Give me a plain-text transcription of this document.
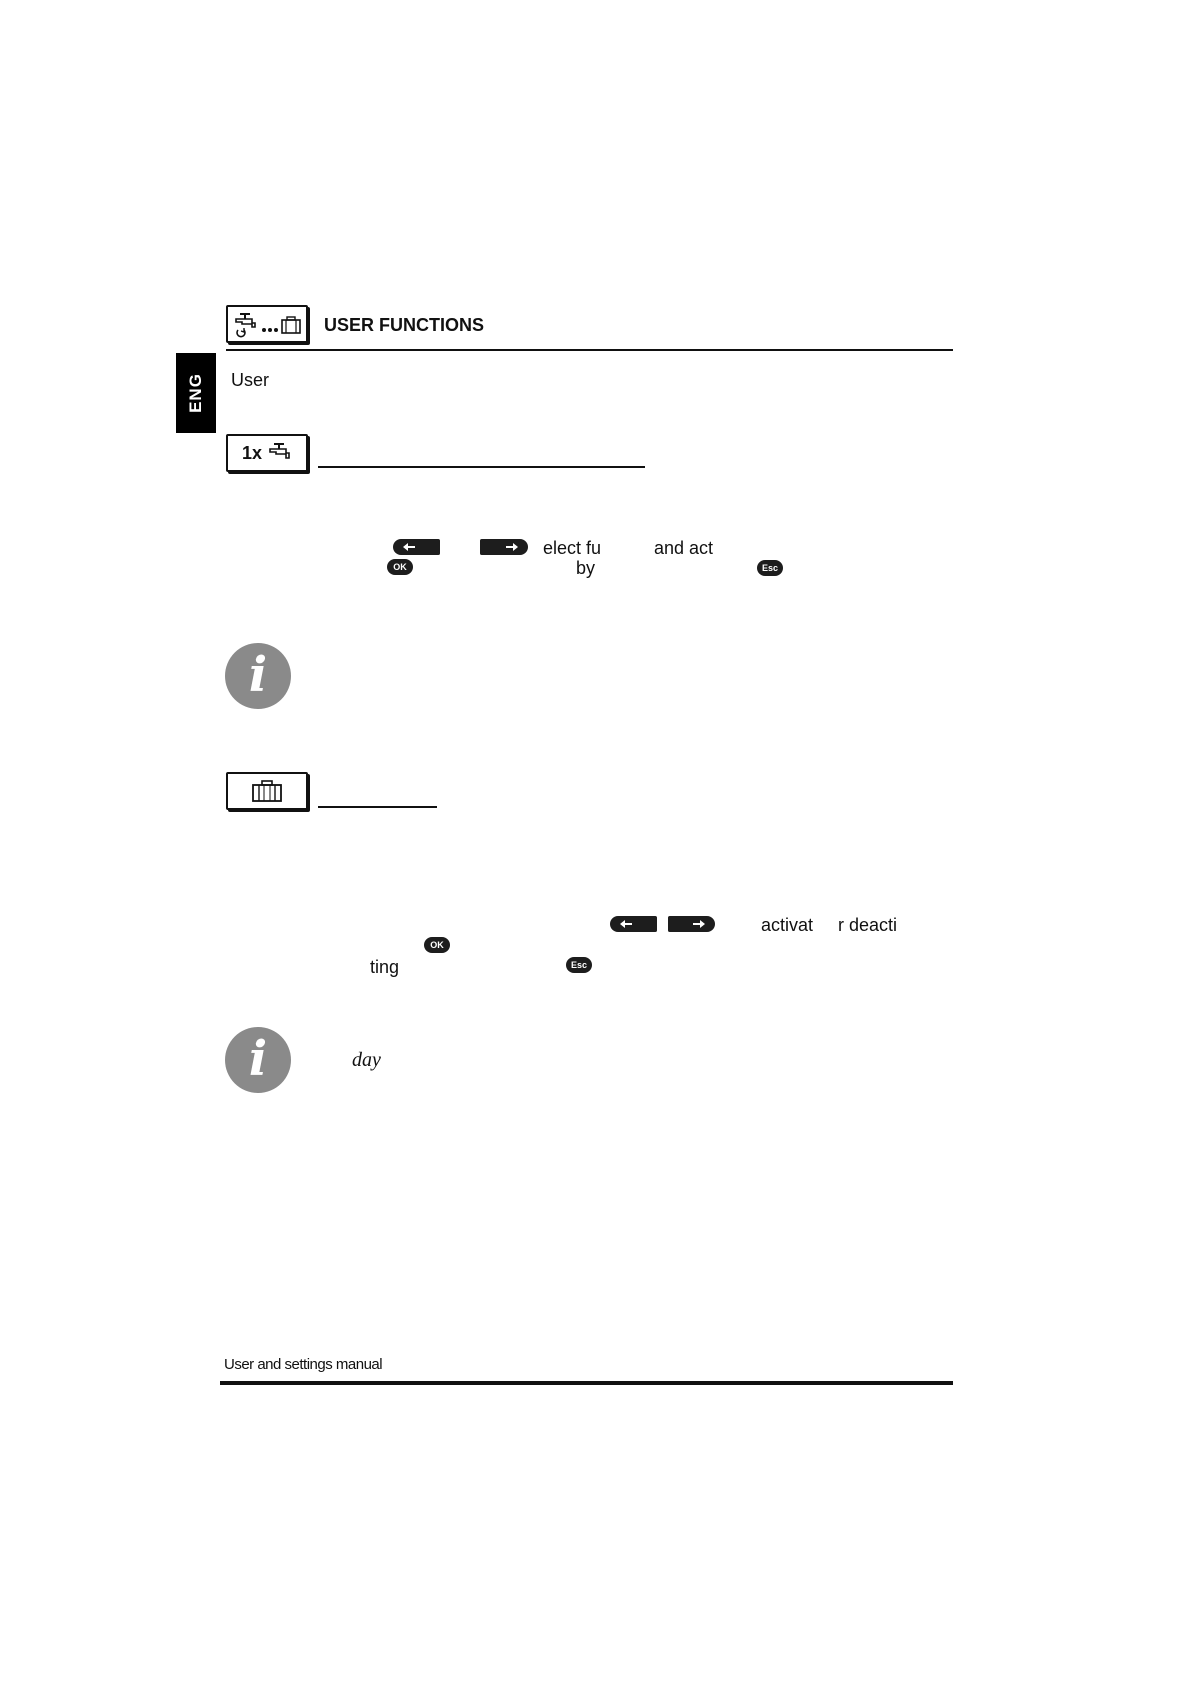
ENG
USER FUNCTIONS
User
1x
elect fu	and act
OK	by	Esc
i
activat r deacti
OK
ting	Esc
i	day
User and settings manual
